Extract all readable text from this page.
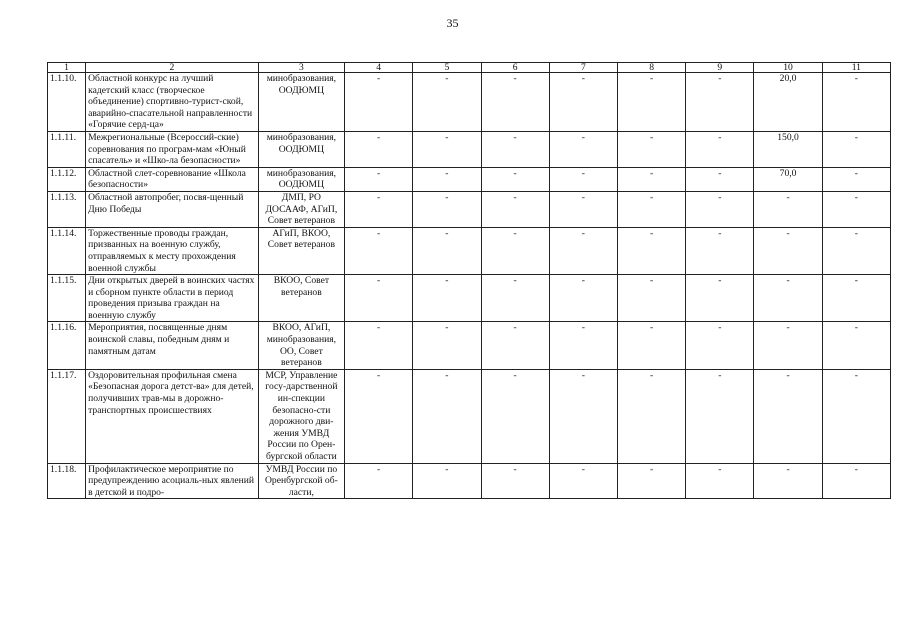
35
1	2	3	4	5	6	7	8	9	10	11
1.1.10.	Областной конкурс на лучший кадетский класс (творческое объединение) спортивно-турист-ской, аварийно-спасательной направленности «Горячие серд-ца»	минобразования, ООДЮМЦ	-	-	-	-	-	-	20,0	-
1.1.11.	Межрегиональные (Всероссий-ские) соревнования по програм-мам «Юный спасатель» и «Шко-ла безопасности»	минобразования, ООДЮМЦ	-	-	-	-	-	-	150,0	-
1.1.12.	Областной слет-соревнование «Школа безопасности»	минобразования, ООДЮМЦ	-	-	-	-	-	-	70,0	-
1.1.13.	Областной автопробег, посвя-щенный Дню Победы	ДМП, РО ДОСААФ, АГиП, Совет ветеранов	-	-	-	-	-	-	-	-
1.1.14.	Торжественные проводы граждан, призванных на военную службу, отправляемых к месту прохождения военной службы	АГиП, ВКОО, Совет ветеранов	-	-	-	-	-	-	-	-
1.1.15.	Дни открытых дверей в воинских частях и сборном пункте области в период проведения призыва граждан на военную службу	ВКОО, Совет ветеранов	-	-	-	-	-	-	-	-
1.1.16.	Мероприятия, посвященные дням воинской славы, победным дням и памятным датам	ВКОО, АГиП, минобразования, ОО, Совет ветеранов	-	-	-	-	-	-	-	-
1.1.17.	Оздоровительная профильная смена «Безопасная дорога детст-ва» для детей, получивших трав-мы в дорожно-транспортных происшествиях	МСР, Управление госу-дарственной ин-спекции безопасно-сти дорожного дви-жения УМВД России по Орен-бургской области	-	-	-	-	-	-	-	-
1.1.18.	Профилактическое мероприятие по предупреждению асоциаль-ных явлений в детской и подро-	УМВД России по Оренбургской об-ласти,	-	-	-	-	-	-	-	-
